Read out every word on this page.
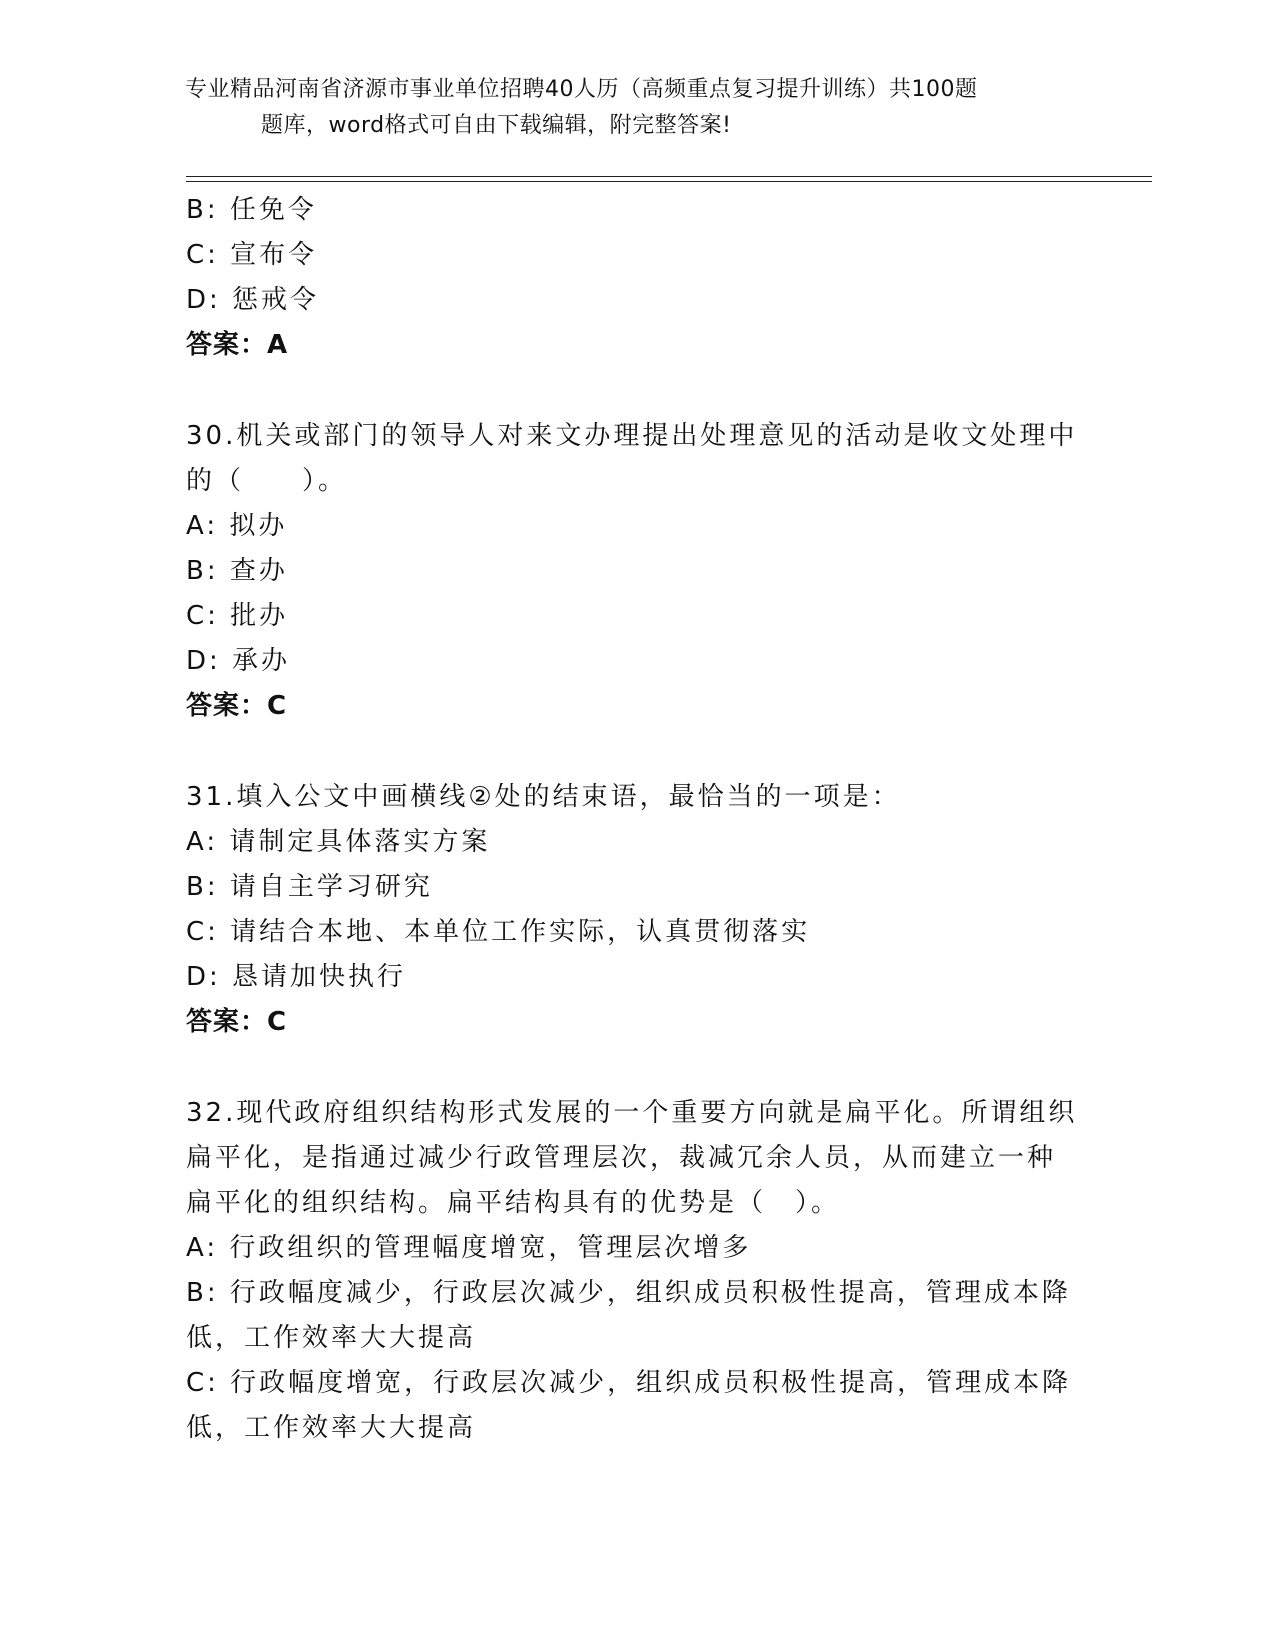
专业精品河南省济源市事业单位招聘40人历（高频重点复习提升训练）共100题
题库，word格式可自由下载编辑，附完整答案!
B: 任免令
C: 宣布令
D: 惩戒令
答案：A
30.机关或部门的领导人对来文办理提出处理意见的活动是收文处理中
的（　　）。
A: 拟办
B: 查办
C: 批办
D: 承办
答案：C
31.填入公文中画横线②处的结束语，最恰当的一项是：
A: 请制定具体落实方案
B: 请自主学习研究
C: 请结合本地、本单位工作实际，认真贯彻落实
D: 恳请加快执行
答案：C
32.现代政府组织结构形式发展的一个重要方向就是扁平化。所谓组织
扁平化，是指通过减少行政管理层次，裁减冗余人员，从而建立一种
扁平化的组织结构。扁平结构具有的优势是（　）。
A: 行政组织的管理幅度增宽，管理层次增多
B: 行政幅度减少，行政层次减少，组织成员积极性提高，管理成本降
低，工作效率大大提高
C: 行政幅度增宽，行政层次减少，组织成员积极性提高，管理成本降
低，工作效率大大提高
